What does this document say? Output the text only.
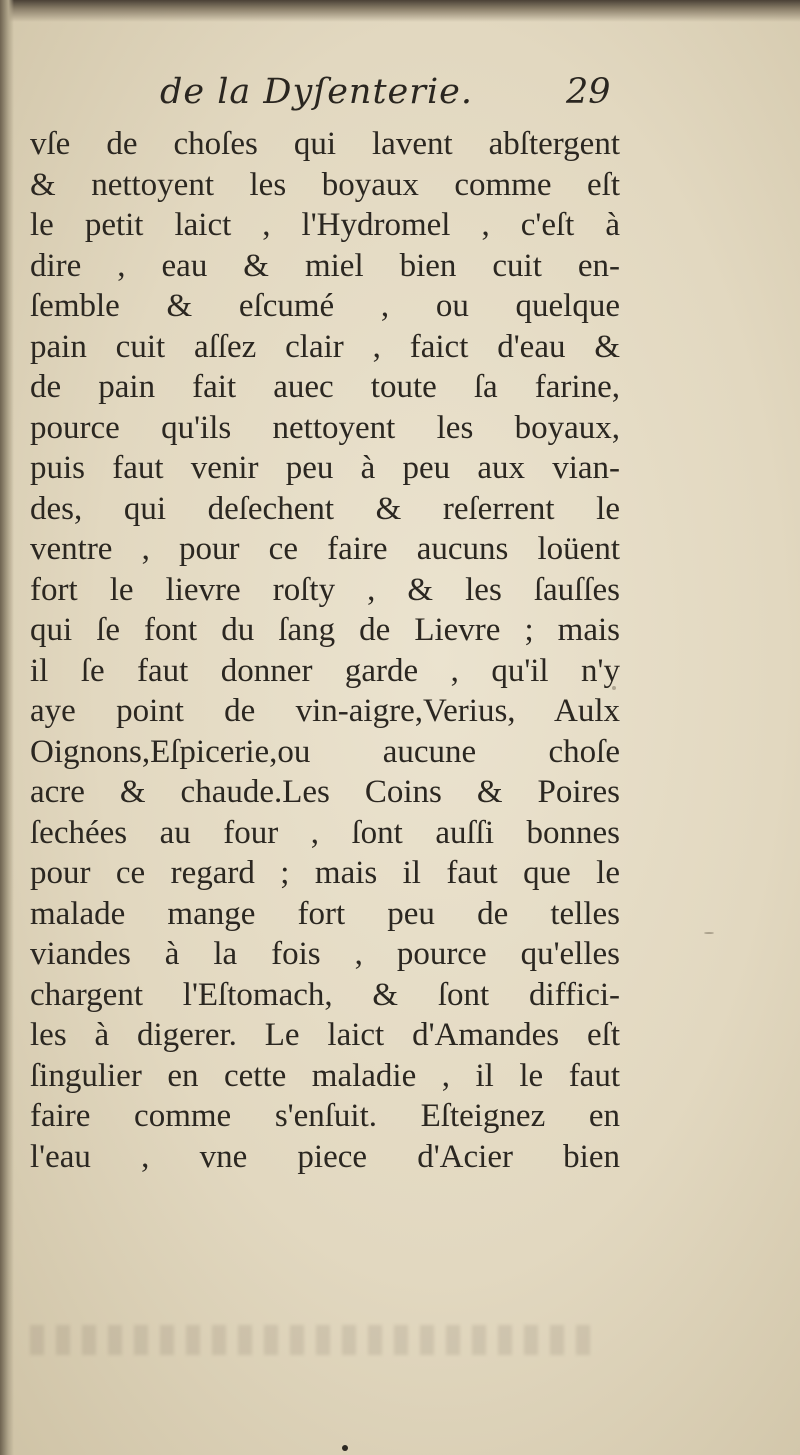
de la Dyſenterie.	29
vſe de choſes qui lavent abſtergent
& nettoyent les boyaux comme eſt
le petit laict , l'Hydromel , c'eſt à
dire , eau & miel bien cuit en-
ſemble & eſcumé , ou quelque
pain cuit aſſez clair , faict d'eau &
de pain fait auec toute ſa farine,
pource qu'ils nettoyent les boyaux,
puis faut venir peu à peu aux vian-
des, qui deſechent & reſerrent le
ventre , pour ce faire aucuns loüent
fort le lievre roſty , & les ſauſſes
qui ſe font du ſang de Lievre ; mais
il ſe faut donner garde , qu'il n'y
aye point de vin-aigre,Verius, Aulx
Oignons,Eſpicerie,ou aucune choſe
acre & chaude.Les Coins & Poires
ſechées au four , ſont auſſi bonnes
pour ce regard ; mais il faut que le
malade mange fort peu de telles
viandes à la fois , pource qu'elles
chargent l'Eſtomach, & ſont diffici-
les à digerer. Le laict d'Amandes eſt
ſingulier en cette maladie , il le faut
faire comme s'enſuit. Eſteignez en
l'eau , vne piece d'Acier bien
